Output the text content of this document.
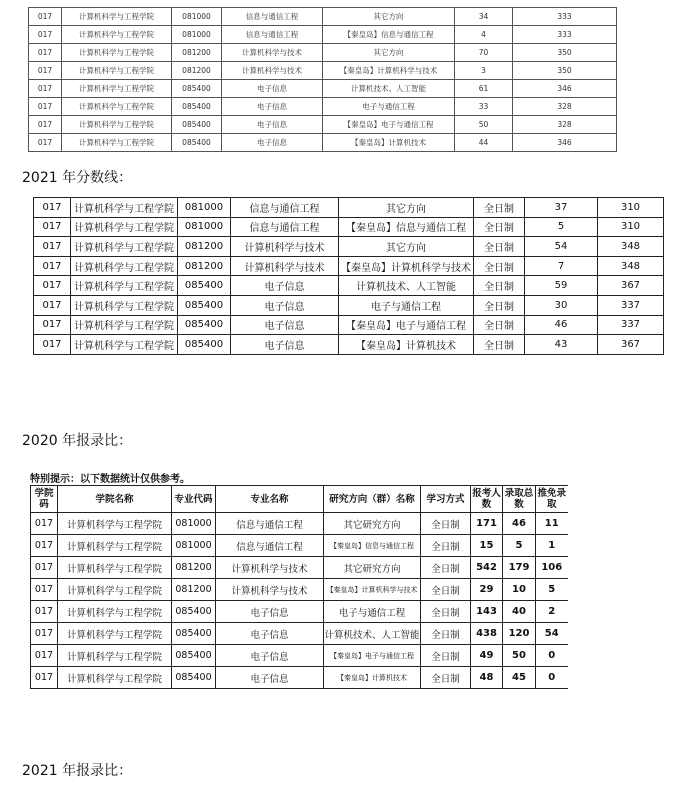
017	计算机科学与工程学院	081000	信息与通信工程	其它方向	34	333
017	计算机科学与工程学院	081000	信息与通信工程	【秦皇岛】信息与通信工程	4	333
017	计算机科学与工程学院	081200	计算机科学与技术	其它方向	70	350
017	计算机科学与工程学院	081200	计算机科学与技术	【秦皇岛】计算机科学与技术	3	350
017	计算机科学与工程学院	085400	电子信息	计算机技术、人工智能	61	346
017	计算机科学与工程学院	085400	电子信息	电子与通信工程	33	328
017	计算机科学与工程学院	085400	电子信息	【秦皇岛】电子与通信工程	50	328
017	计算机科学与工程学院	085400	电子信息	【秦皇岛】计算机技术	44	346
2021 年分数线：
017	计算机科学与工程学院	081000	信息与通信工程	其它方向	全日制	37	310
017	计算机科学与工程学院	081000	信息与通信工程	【秦皇岛】信息与通信工程	全日制	5	310
017	计算机科学与工程学院	081200	计算机科学与技术	其它方向	全日制	54	348
017	计算机科学与工程学院	081200	计算机科学与技术	【秦皇岛】计算机科学与技术	全日制	7	348
017	计算机科学与工程学院	085400	电子信息	计算机技术、人工智能	全日制	59	367
017	计算机科学与工程学院	085400	电子信息	电子与通信工程	全日制	30	337
017	计算机科学与工程学院	085400	电子信息	【秦皇岛】电子与通信工程	全日制	46	337
017	计算机科学与工程学院	085400	电子信息	【秦皇岛】计算机技术	全日制	43	367
2020 年报录比：
特别提示：以下数据统计仅供参考。
学院码	学院名称	专业代码	专业名称	研究方向（群）名称	学习方式	报考人数	录取总数	推免录取
017	计算机科学与工程学院	081000	信息与通信工程	其它研究方向	全日制	171	46	11
017	计算机科学与工程学院	081000	信息与通信工程	【秦皇岛】信息与通信工程	全日制	15	5	1
017	计算机科学与工程学院	081200	计算机科学与技术	其它研究方向	全日制	542	179	106
017	计算机科学与工程学院	081200	计算机科学与技术	【秦皇岛】计算机科学与技术	全日制	29	10	5
017	计算机科学与工程学院	085400	电子信息	电子与通信工程	全日制	143	40	2
017	计算机科学与工程学院	085400	电子信息	计算机技术、人工智能	全日制	438	120	54
017	计算机科学与工程学院	085400	电子信息	【秦皇岛】电子与通信工程	全日制	49	50	0
017	计算机科学与工程学院	085400	电子信息	【秦皇岛】计算机技术	全日制	48	45	0
2021 年报录比：
